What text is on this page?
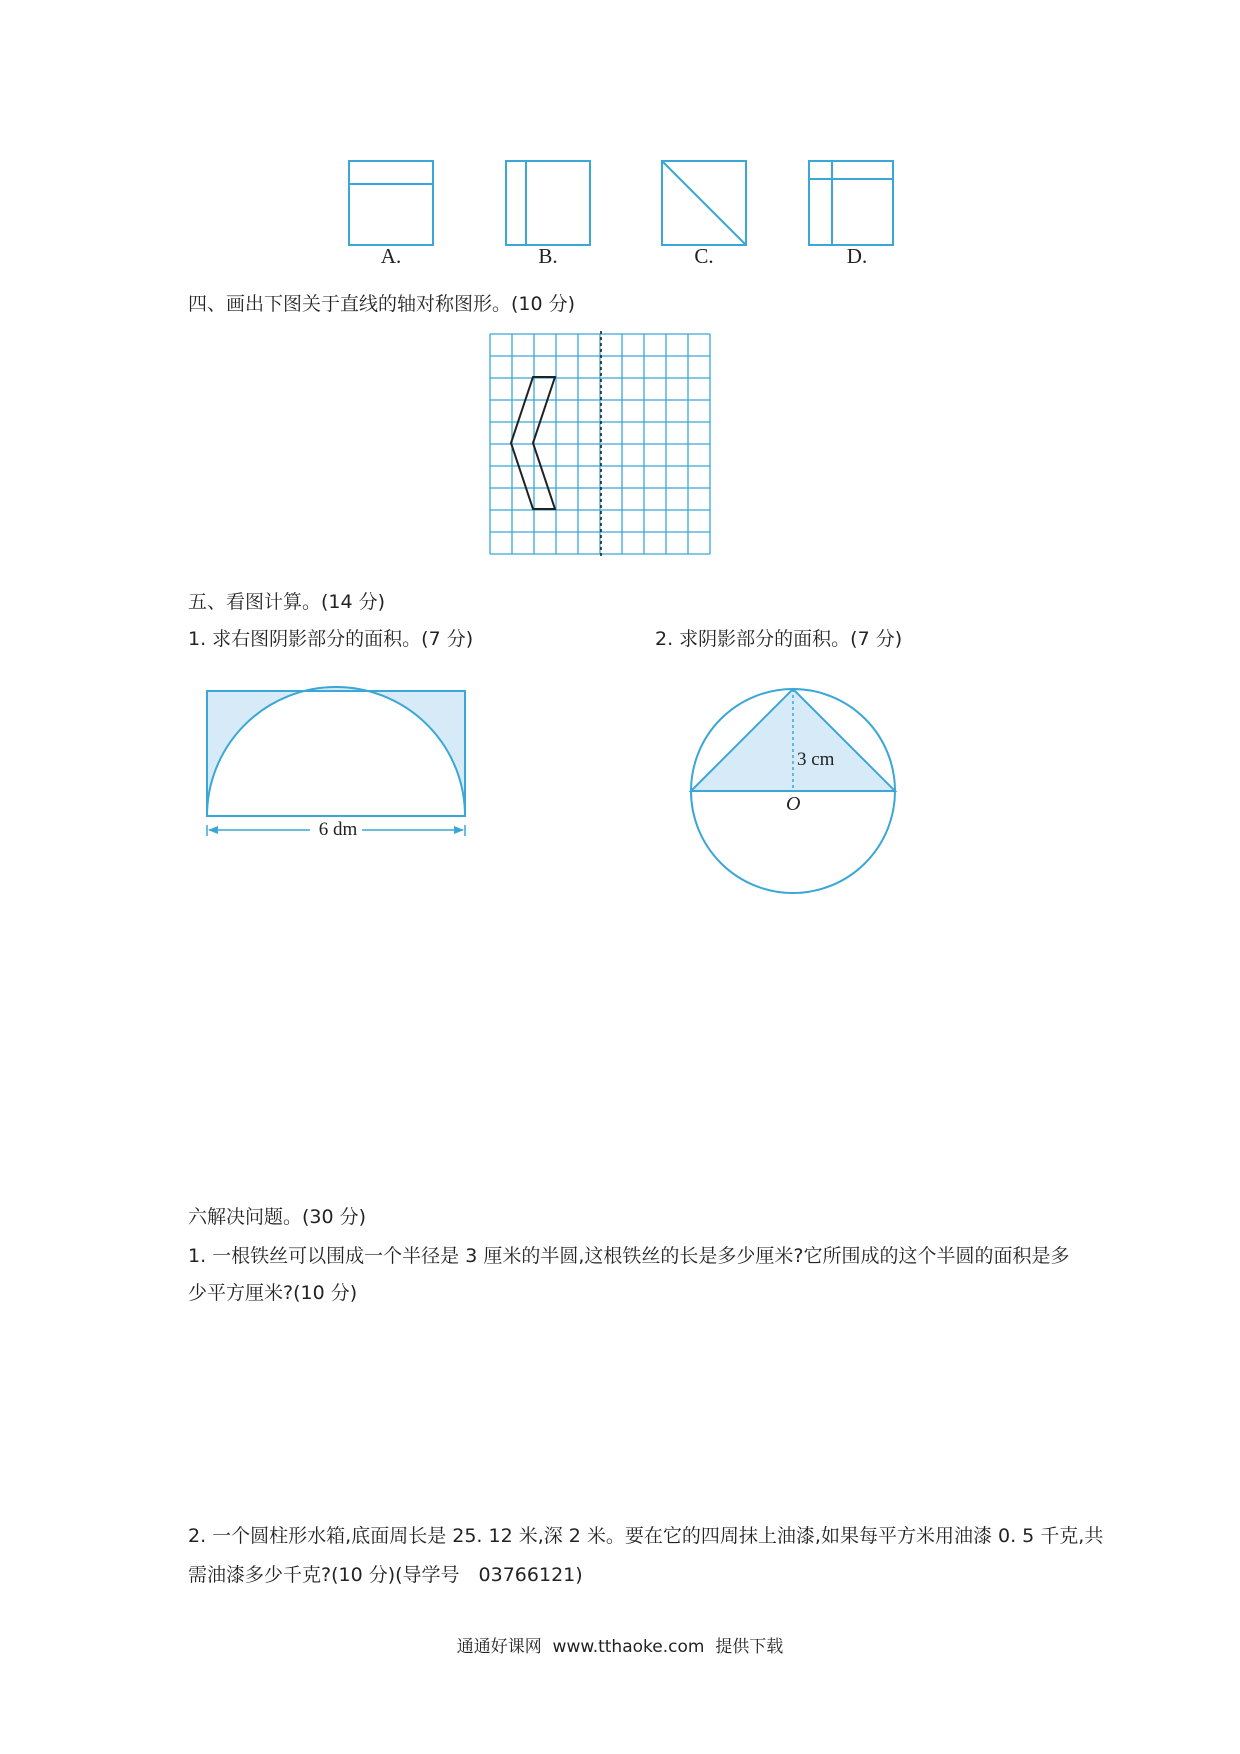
A.	B.	C.	D.
四、画出下图关于直线的轴对称图形。(10 分)
五、看图计算。(14 分)
1. 求右图阴影部分的面积。(7 分)	2. 求阴影部分的面积。(7 分)
6 dm
3 cm
O
六解决问题。(30 分)
1. 一根铁丝可以围成一个半径是 3 厘米的半圆,这根铁丝的长是多少厘米?它所围成的这个半圆的面积是多
少平方厘米?(10 分)
2. 一个圆柱形水箱,底面周长是 25. 12 米,深 2 米。要在它的四周抹上油漆,如果每平方米用油漆 0. 5 千克,共
需油漆多少千克?(10 分)(导学号　03766121)
通通好课网  www.tthaoke.com  提供下载
